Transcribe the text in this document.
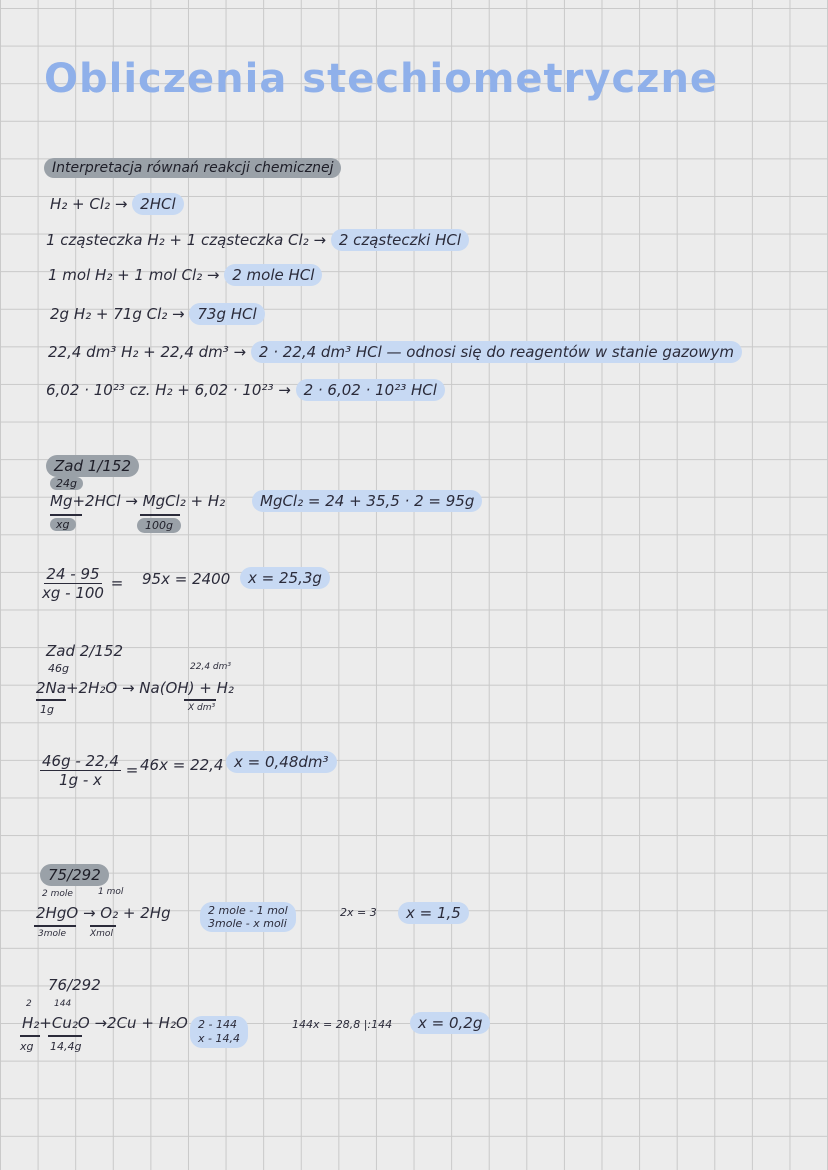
Obliczenia stechiometryczne
Interpretacja równań reakcji chemicznej
H₂ + Cl₂ → 2HCl
1 cząsteczka H₂ + 1 cząsteczka Cl₂ → 2 cząsteczki HCl
1 mol H₂ + 1 mol Cl₂ → 2 mole HCl
2g H₂ + 71g Cl₂ → 73g HCl
22,4 dm³ H₂ + 22,4 dm³ → 2 · 22,4 dm³ HCl — odnosi się do reagentów w stanie gazowym
6,02 · 10²³ cz. H₂ + 6,02 · 10²³ → 2 · 6,02 · 10²³ HCl
Zad 1/152
24g
Mg+2HCl → MgCl₂ + H₂
xg	100g
MgCl₂ = 24 + 35,5 · 2 = 95g
$\frac{24 - 95}{xg - 100} = 95x = 2400$	x = 25,3g
Zad 2/152
46g	22,4 dm³
2Na+2H₂O → Na(OH) + H₂
1g	X dm³
$\frac{46g - 22,4}{1g - x} = 46x = 22,4$ x = 0,48dm³
75/292
2 mole	1 mol
2HgO → O₂ + 2Hg
3mole	Xmol
2 mole - 1 mol
3mole - x moli
2x = 3	x = 1,5
76/292
2 144
H₂+Cu₂O →2Cu + H₂O
xg 14,4g
2 - 144
x - 14,4
144x = 28,8 |:144	x = 0,2g
